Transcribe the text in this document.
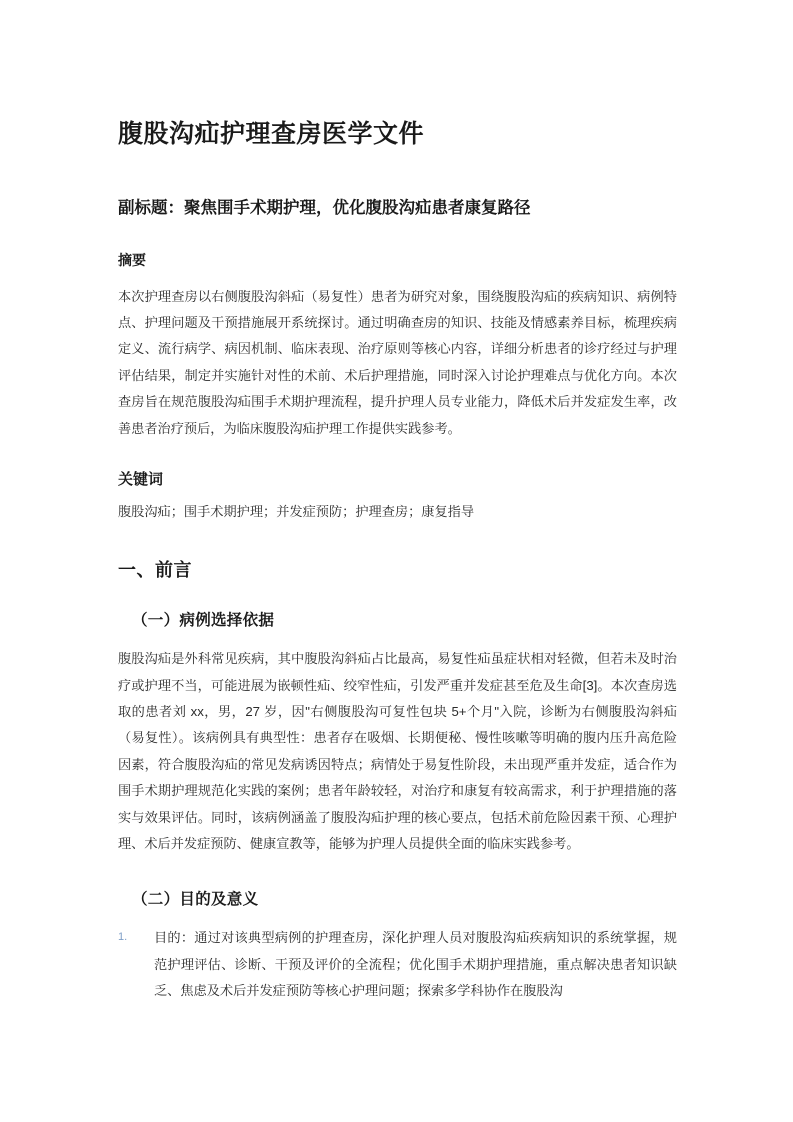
腹股沟疝护理查房医学文件
副标题：聚焦围手术期护理，优化腹股沟疝患者康复路径
摘要

本次护理查房以右侧腹股沟斜疝（易复性）患者为研究对象，围绕腹股沟疝的疾病知识、病例特点、护理问题及干预措施展开系统探讨。通过明确查房的知识、技能及情感素养目标，梳理疾病定义、流行病学、病因机制、临床表现、治疗原则等核心内容，详细分析患者的诊疗经过与护理评估结果，制定并实施针对性的术前、术后护理措施，同时深入讨论护理难点与优化方向。本次查房旨在规范腹股沟疝围手术期护理流程，提升护理人员专业能力，降低术后并发症发生率，改善患者治疗预后，为临床腹股沟疝护理工作提供实践参考。

关键词

腹股沟疝；围手术期护理；并发症预防；护理查房；康复指导

一、前言
（一）病例选择依据

腹股沟疝是外科常见疾病，其中腹股沟斜疝占比最高，易复性疝虽症状相对轻微，但若未及时治疗或护理不当，可能进展为嵌顿性疝、绞窄性疝，引发严重并发症甚至危及生命[3]。本次查房选取的患者刘 xx，男，27 岁，因"右侧腹股沟可复性包块 5+个月"入院，诊断为右侧腹股沟斜疝（易复性）。该病例具有典型性：患者存在吸烟、长期便秘、慢性咳嗽等明确的腹内压升高危险因素，符合腹股沟疝的常见发病诱因特点；病情处于易复性阶段，未出现严重并发症，适合作为围手术期护理规范化实践的案例；患者年龄较轻，对治疗和康复有较高需求，利于护理措施的落实与效果评估。同时，该病例涵盖了腹股沟疝护理的核心要点，包括术前危险因素干预、心理护理、术后并发症预防、健康宣教等，能够为护理人员提供全面的临床实践参考。

（二）目的及意义
1.	目的：通过对该典型病例的护理查房，深化护理人员对腹股沟疝疾病知识的系统掌握，规范护理评估、诊断、干预及评价的全流程；优化围手术期护理措施，重点解决患者知识缺乏、焦虑及术后并发症预防等核心护理问题；探索多学科协作在腹股沟
